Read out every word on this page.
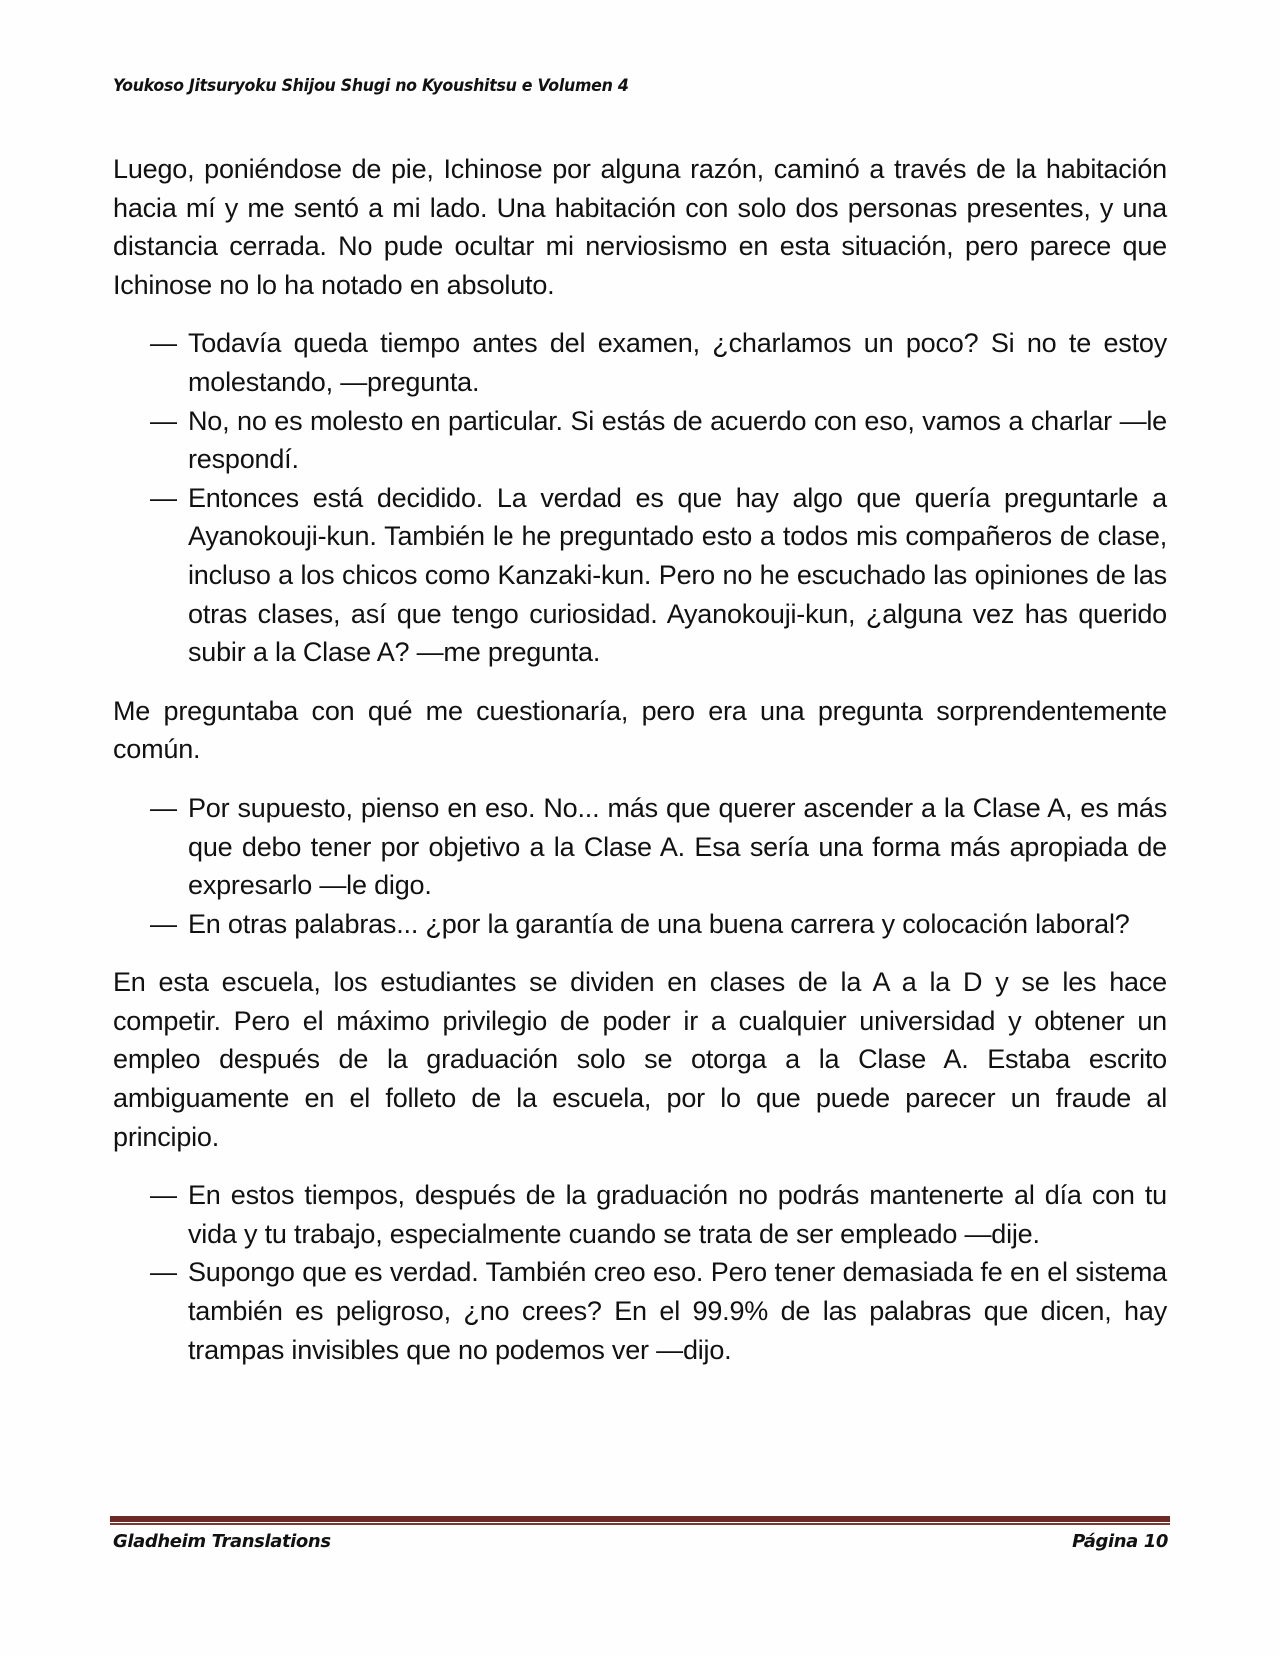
Youkoso Jitsuryoku Shijou Shugi no Kyoushitsu e Volumen 4

Luego, poniéndose de pie, Ichinose por alguna razón, caminó a través de la habitación hacia mí y me sentó a mi lado. Una habitación con solo dos personas presentes, y una distancia cerrada. No pude ocultar mi nerviosismo en esta situación, pero parece que Ichinose no lo ha notado en absoluto.

— Todavía queda tiempo antes del examen, ¿charlamos un poco? Si no te estoy molestando, —pregunta.

— No, no es molesto en particular. Si estás de acuerdo con eso, vamos a charlar —le respondí.

— Entonces está decidido. La verdad es que hay algo que quería preguntarle a Ayanokouji-kun. También le he preguntado esto a todos mis compañeros de clase, incluso a los chicos como Kanzaki-kun. Pero no he escuchado las opiniones de las otras clases, así que tengo curiosidad. Ayanokouji-kun, ¿alguna vez has querido subir a la Clase A? —me pregunta.

Me preguntaba con qué me cuestionaría, pero era una pregunta sorprendentemente común.

— Por supuesto, pienso en eso. No... más que querer ascender a la Clase A, es más que debo tener por objetivo a la Clase A. Esa sería una forma más apropiada de expresarlo —le digo.

— En otras palabras... ¿por la garantía de una buena carrera y colocación laboral?

En esta escuela, los estudiantes se dividen en clases de la A a la D y se les hace competir. Pero el máximo privilegio de poder ir a cualquier universidad y obtener un empleo después de la graduación solo se otorga a la Clase A. Estaba escrito ambiguamente en el folleto de la escuela, por lo que puede parecer un fraude al principio.

— En estos tiempos, después de la graduación no podrás mantenerte al día con tu vida y tu trabajo, especialmente cuando se trata de ser empleado —dije.

— Supongo que es verdad. También creo eso. Pero tener demasiada fe en el sistema también es peligroso, ¿no crees? En el 99.9% de las palabras que dicen, hay trampas invisibles que no podemos ver —dijo.

Gladheim Translations	Página 10
